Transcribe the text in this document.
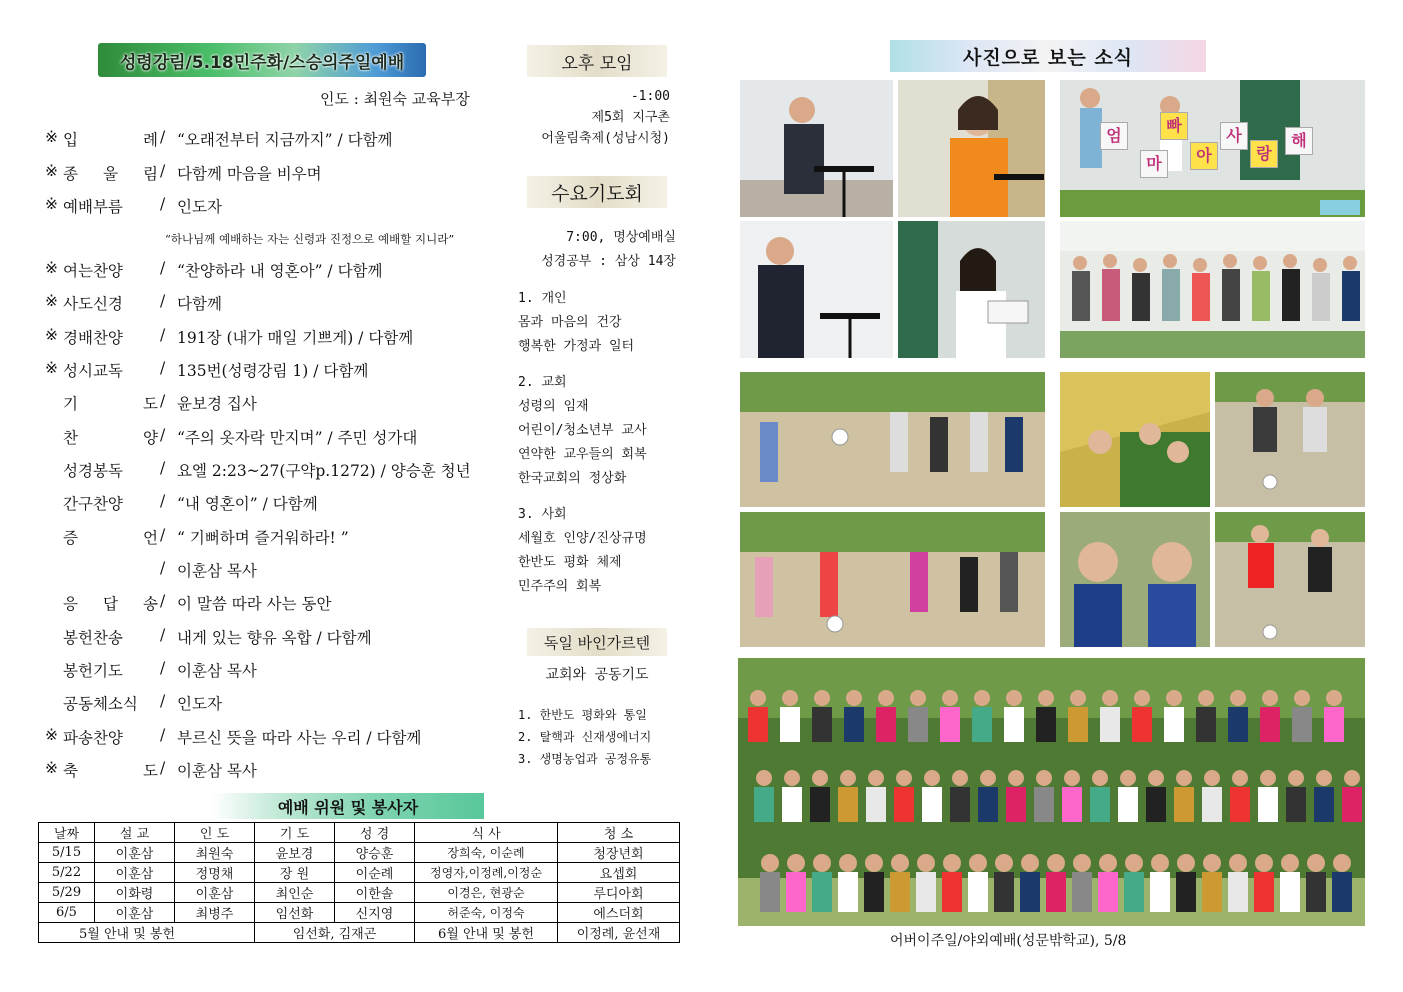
성령강림/5.18민주화/스승의주일예배
인도 : 최원숙 교육부장
※ 입 례 / “오래전부터 지금까지” / 다함께
※ 종 울 림 / 다함께 마음을 비우며
※ 예배부름	/ 인도자
※ 여는찬양	/ “찬양하라 내 영혼아” / 다함께
※ 사도신경	/ 다함께
※ 경배찬양	/ 191장 (내가 매일 기쁘게) / 다함께
※ 성시교독	/ 135번(성령강림 1) / 다함께
기 도 / 윤보경 집사
찬 양 / “주의 옷자락 만지며” / 주민 성가대
성경봉독	/ 요엘 2:23~27(구약p.1272) / 양승훈 청년
간구찬양	/ “내 영혼이” / 다함께
증 언 / “ 기뻐하며 즐거워하라! ”
/ 이훈삼 목사
응 답 송 / 이 말씀 따라 사는 동안
봉헌찬송	/ 내게 있는 향유 옥합 / 다함께
봉헌기도	/ 이훈삼 목사
공동체소식	/ 인도자
※ 파송찬양	/ 부르신 뜻을 따라 사는 우리 / 다함께
※ 축 도 / 이훈삼 목사
“하나님께 예배하는 자는 신령과 진정으로 예배할 지니라”
예배 위원 및 봉사자
날짜	설 교	인 도	기 도	성 경	식 사	청 소
5/15	이훈삼	최원숙	윤보경	양승훈	장희숙, 이순례	청장년회
5/22	이훈삼	정명채	장 원	이순례	정영자,이정례,이정순	요셉회
5/29	이화령	이훈삼	최인순	이한솔	이경은, 현광순	루디아회
6/5	이훈삼	최병주	임선화	신지영	허준숙, 이정숙	에스더회
5월 안내 및 봉헌			임선화, 김재곤		6월 안내 및 봉헌	이정례, 윤선재
오후 모임
-1:00
제5회 지구촌
어울림축제(성남시청)
수요기도회
7:00, 명상예배실
성경공부 : 삼상 14장
1. 개인
몸과 마음의 건강
행복한 가정과 일터
2. 교회
성령의 임재
어린이/청소년부 교사
연약한 교우들의 회복
한국교회의 정상화
3. 사회
세월호 인양/진상규명
한반도 평화 체제
민주주의 회복
독일 바인가르텐
교회와 공동기도
1. 한반도 평화와 통일
2. 탈핵과 신재생에너지
3. 생명농업과 공정유통
사진으로 보는 소식
엄
빠
마	아
사
랑
해
어버이주일/야외예배(성문밖학교), 5/8
